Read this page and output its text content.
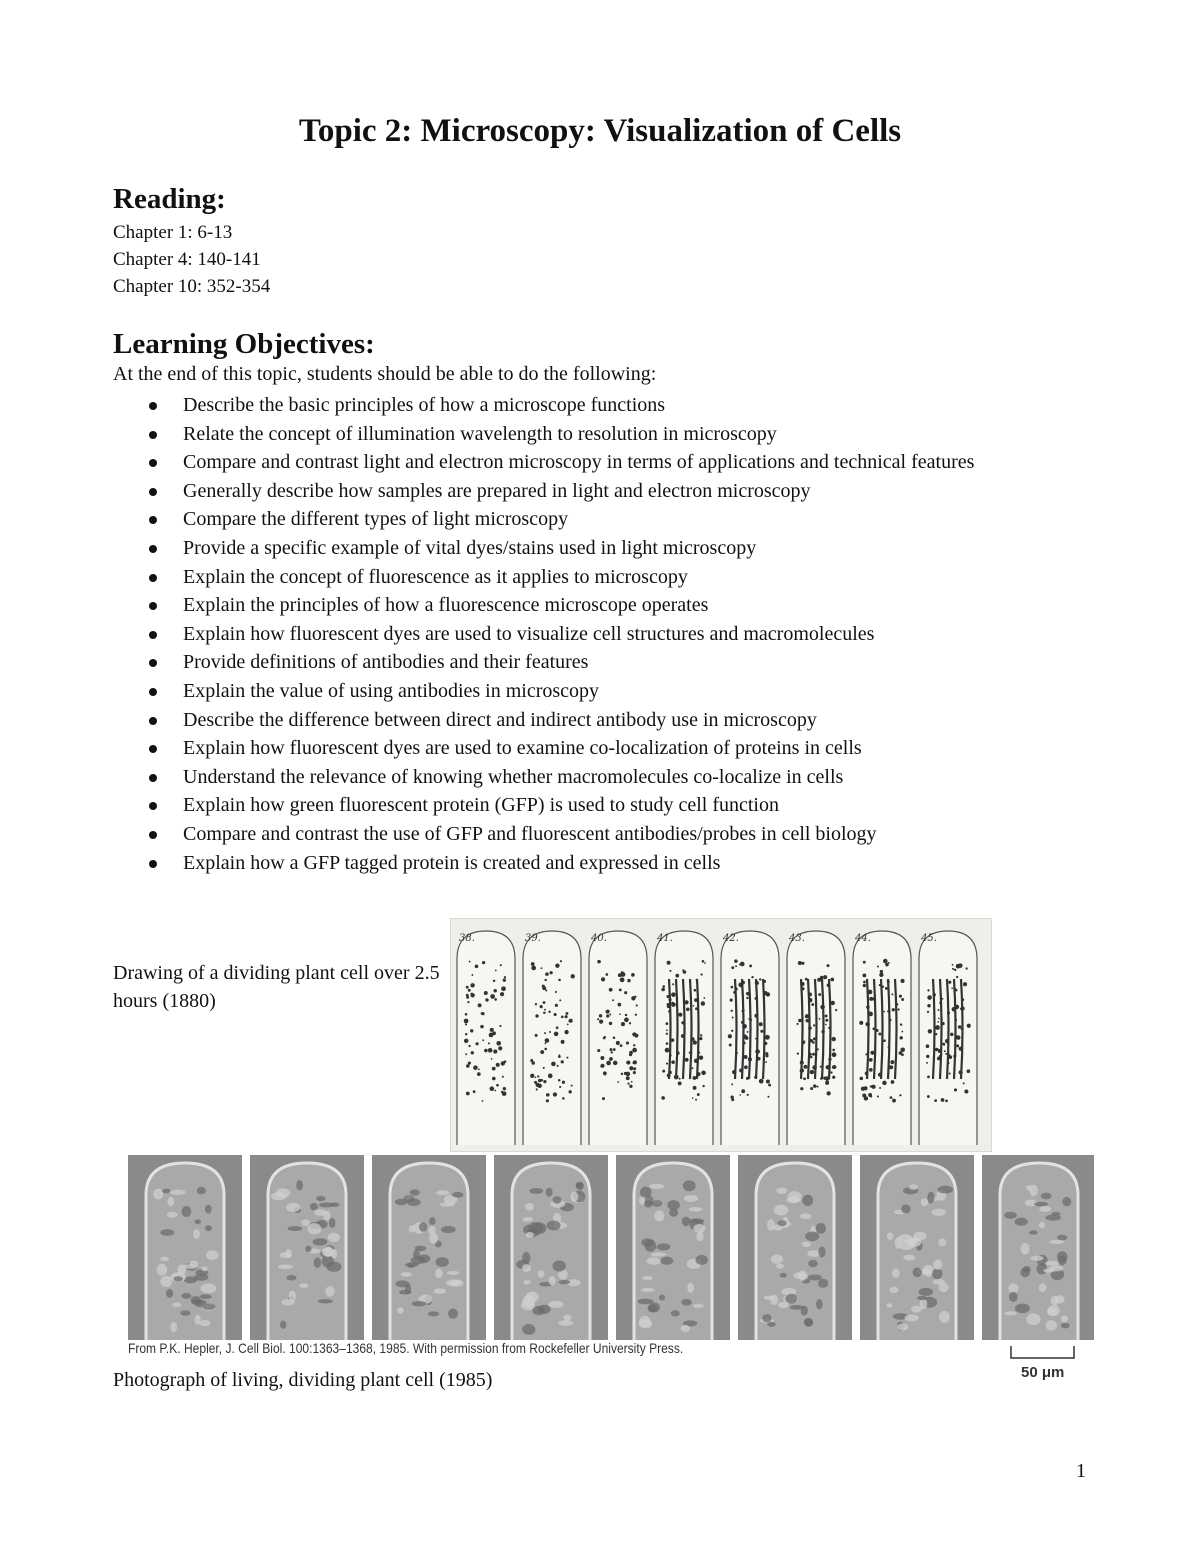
Topic 2: Microscopy: Visualization of Cells
Reading:
Chapter 1: 6-13
Chapter 4: 140-141
Chapter 10: 352-354
Learning Objectives:

At the end of this topic, students should be able to do the following:

Describe the basic principles of how a microscope functions
Relate the concept of illumination wavelength to resolution in microscopy
Compare and contrast light and electron microscopy in terms of applications and technical features
Generally describe how samples are prepared in light and electron microscopy
Compare the different types of light microscopy
Provide a specific example of vital dyes/stains used in light microscopy
Explain the concept of fluorescence as it applies to microscopy
Explain the principles of how a fluorescence microscope operates
Explain how fluorescent dyes are used to visualize cell structures and macromolecules
Provide definitions of antibodies and their features
Explain the value of using antibodies in microscopy
Describe the difference between direct and indirect antibody use in microscopy
Explain how fluorescent dyes are used to examine co-localization of proteins in cells
Understand the relevance of knowing whether macromolecules co-localize in cells
Explain how green fluorescent protein (GFP) is used to study cell function
Compare and contrast the use of GFP and fluorescent antibodies/probes in cell biology
Explain how a GFP tagged protein is created and expressed in cells

Drawing of a dividing plant cell over 2.5 hours (1880)

38.	39.	40.	41.	42.	43.	44.	45.
From P.K. Hepler, J. Cell Biol. 100:1363–1368, 1985. With permission from Rockefeller University Press.
50 μm

Photograph of living, dividing plant cell (1985)

1
